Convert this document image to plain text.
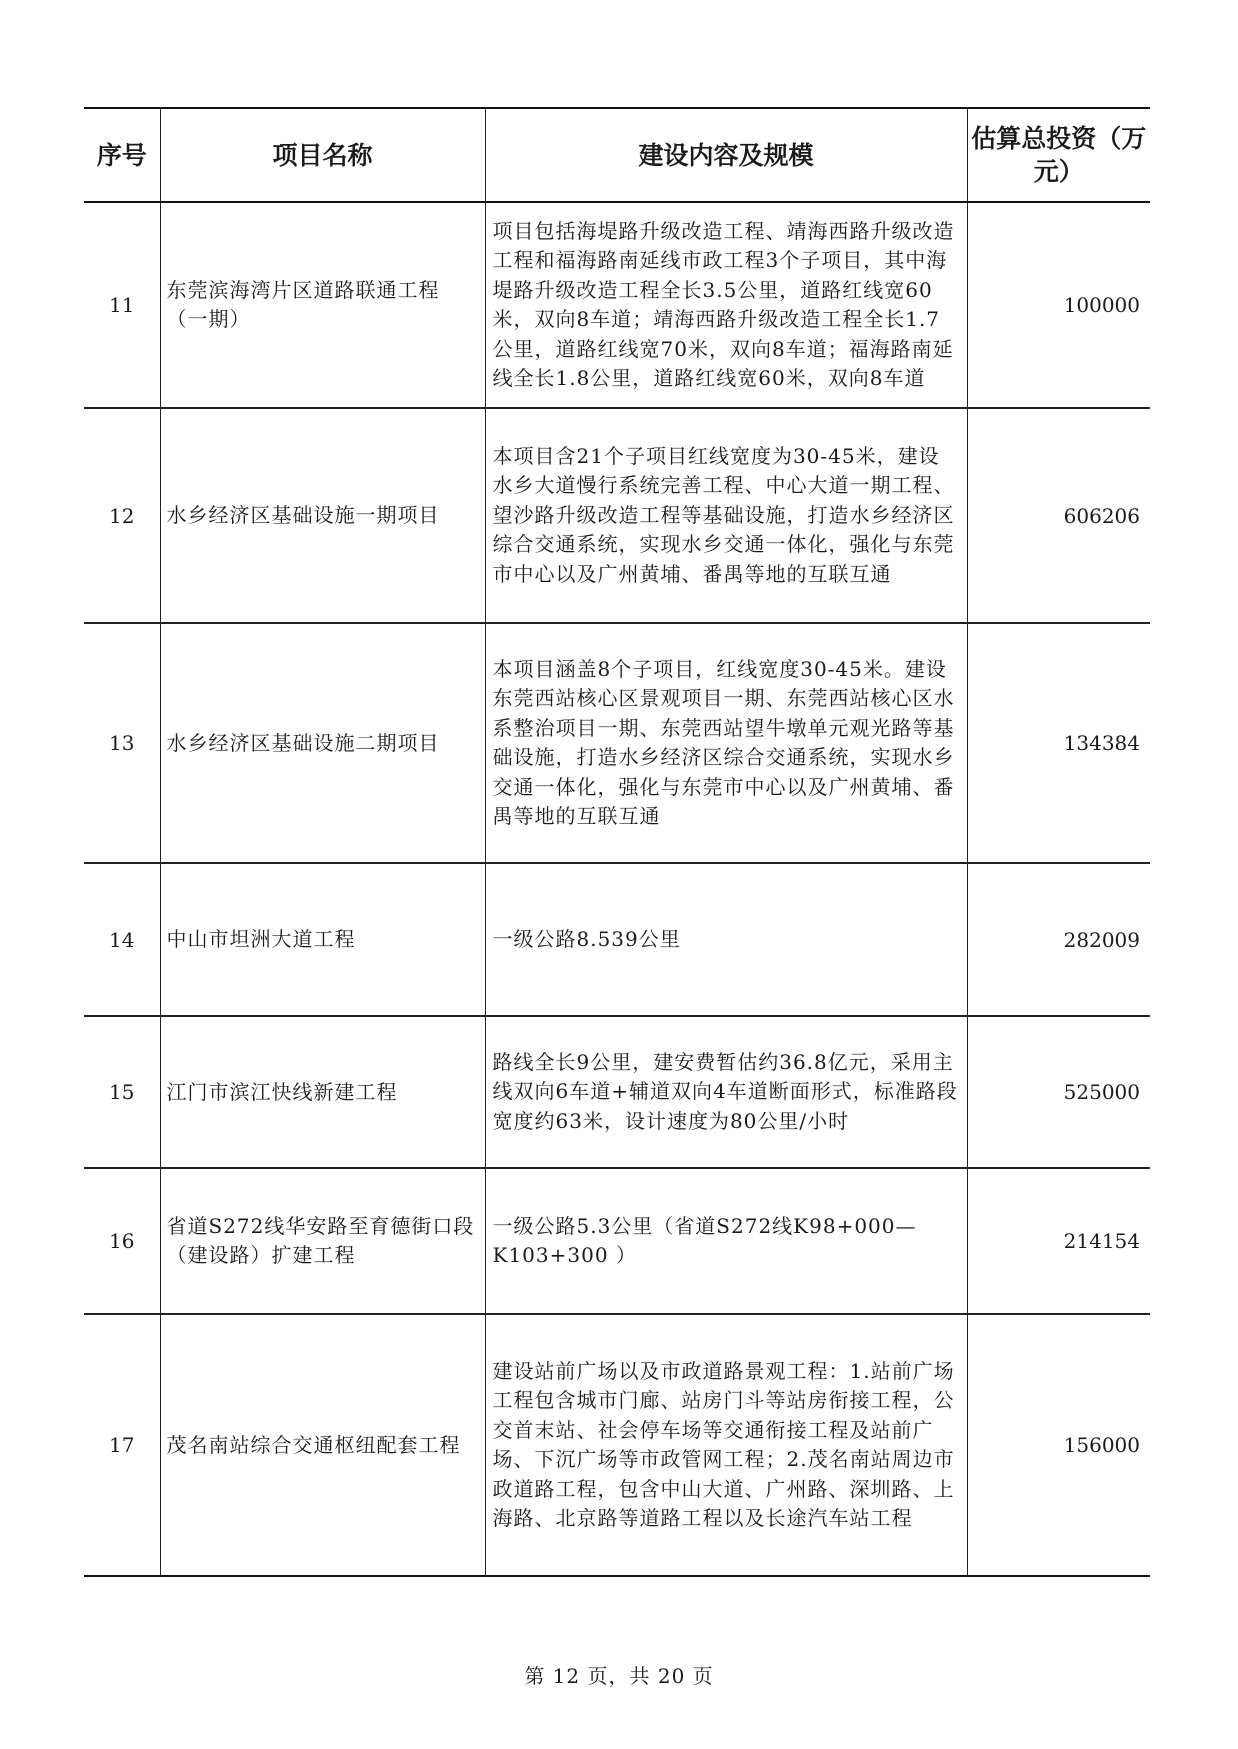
序号	项目名称	建设内容及规模	估算总投资（万元）
11	东莞滨海湾片区道路联通工程（一期）	项目包括海堤路升级改造工程、靖海西路升级改造工程和福海路南延线市政工程3个子项目，其中海堤路升级改造工程全长3.5公里，道路红线宽60米，双向8车道；靖海西路升级改造工程全长1.7公里，道路红线宽70米，双向8车道；福海路南延线全长1.8公里，道路红线宽60米，双向8车道	100000
12	水乡经济区基础设施一期项目	本项目含21个子项目红线宽度为30-45米，建设水乡大道慢行系统完善工程、中心大道一期工程、望沙路升级改造工程等基础设施，打造水乡经济区综合交通系统，实现水乡交通一体化，强化与东莞市中心以及广州黄埔、番禺等地的互联互通	606206
13	水乡经济区基础设施二期项目	本项目涵盖8个子项目，红线宽度30-45米。建设东莞西站核心区景观项目一期、东莞西站核心区水系整治项目一期、东莞西站望牛墩单元观光路等基础设施，打造水乡经济区综合交通系统，实现水乡交通一体化，强化与东莞市中心以及广州黄埔、番禺等地的互联互通	134384
14	中山市坦洲大道工程	一级公路8.539公里	282009
15	江门市滨江快线新建工程	路线全长9公里，建安费暂估约36.8亿元，采用主线双向6车道+辅道双向4车道断面形式，标准路段宽度约63米，设计速度为80公里/小时	525000
16	省道S272线华安路至育德街口段（建设路）扩建工程	一级公路5.3公里（省道S272线K98+000—K103+300 ）	214154
17	茂名南站综合交通枢纽配套工程	建设站前广场以及市政道路景观工程：1.站前广场工程包含城市门廊、站房门斗等站房衔接工程，公交首末站、社会停车场等交通衔接工程及站前广场、下沉广场等市政管网工程；2.茂名南站周边市政道路工程，包含中山大道、广州路、深圳路、上海路、北京路等道路工程以及长途汽车站工程	156000
第 12 页，共 20 页
